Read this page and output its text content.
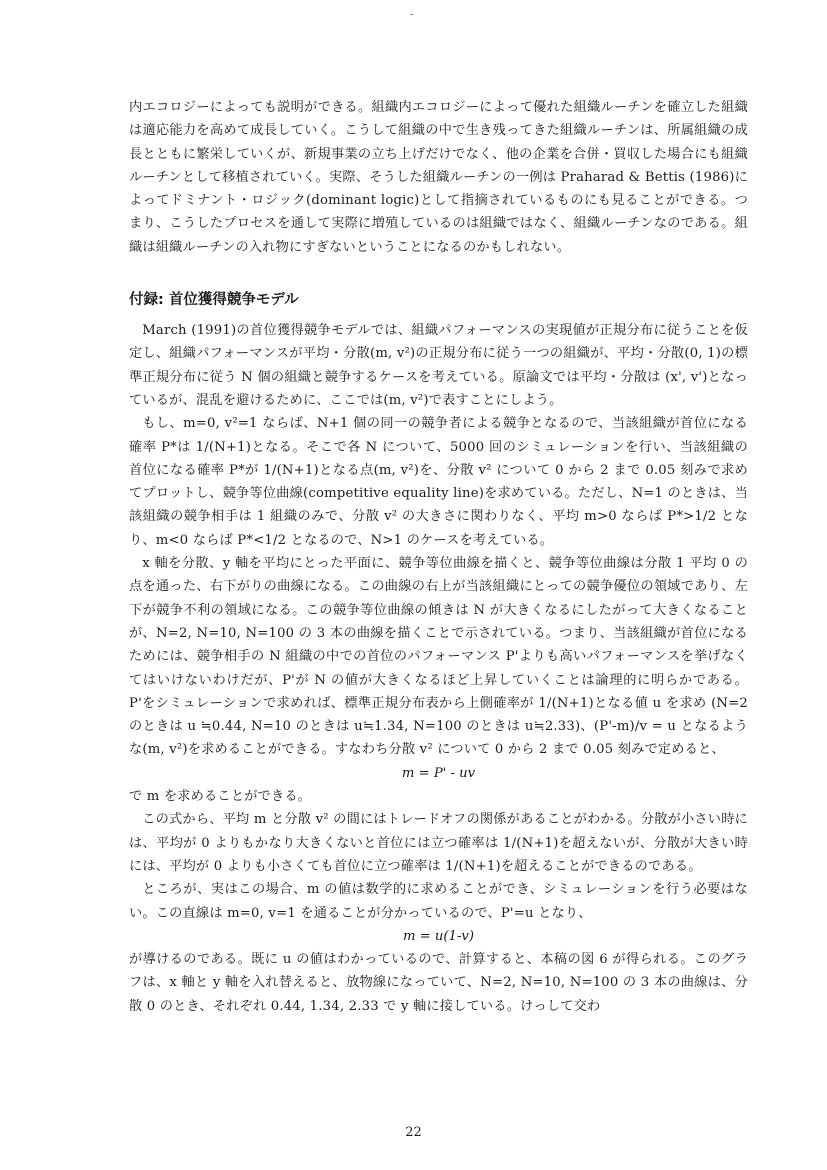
内エコロジーによっても説明ができる。組織内エコロジーによって優れた組織ルーチンを確立した組織は適応能力を高めて成長していく。こうして組織の中で生き残ってきた組織ルーチンは、所属組織の成長とともに繁栄していくが、新規事業の立ち上げだけでなく、他の企業を合併・買収した場合にも組織ルーチンとして移植されていく。実際、そうした組織ルーチンの一例は Praharad & Bettis (1986)によってドミナント・ロジック(dominant logic)として指摘されているものにも見ることができる。つまり、こうしたプロセスを通して実際に増殖しているのは組織ではなく、組織ルーチンなのである。組織は組織ルーチンの入れ物にすぎないということになるのかもしれない。

付録: 首位獲得競争モデル

March (1991)の首位獲得競争モデルでは、組織パフォーマンスの実現値が正規分布に従うことを仮定し、組織パフォーマンスが平均・分散(m, v²)の正規分布に従う一つの組織が、平均・分散(0, 1)の標準正規分布に従う N 個の組織と競争するケースを考えている。原論文では平均・分散は (x', v')となっているが、混乱を避けるために、ここでは(m, v²)で表すことにしよう。

もし、m=0, v²=1 ならば、N+1 個の同一の競争者による競争となるので、当該組織が首位になる確率 P*は 1/(N+1)となる。そこで各 N について、5000 回のシミュレーションを行い、当該組織の首位になる確率 P*が 1/(N+1)となる点(m, v²)を、分散 v² について 0 から 2 まで 0.05 刻みで求めてプロットし、競争等位曲線(competitive equality line)を求めている。ただし、N=1 のときは、当該組織の競争相手は 1 組織のみで、分散 v² の大きさに関わりなく、平均 m>0 ならば P*>1/2 となり、m<0 ならば P*<1/2 となるので、N>1 のケースを考えている。

x 軸を分散、y 軸を平均にとった平面に、競争等位曲線を描くと、競争等位曲線は分散 1 平均 0 の点を通った、右下がりの曲線になる。この曲線の右上が当該組織にとっての競争優位の領域であり、左下が競争不利の領域になる。この競争等位曲線の傾きは N が大きくなるにしたがって大きくなることが、N=2, N=10, N=100 の 3 本の曲線を描くことで示されている。つまり、当該組織が首位になるためには、競争相手の N 組織の中での首位のパフォーマンス P'よりも高いパフォーマンスを挙げなくてはいけないわけだが、P'が N の値が大きくなるほど上昇していくことは論理的に明らかである。P'をシミュレーションで求めれば、標準正規分布表から上側確率が 1/(N+1)となる値 u を求め (N=2 のときは u ≒0.44, N=10 のときは u≒1.34, N=100 のときは u≒2.33)、(P'-m)/v = u となるような(m, v²)を求めることができる。すなわち分散 v² について 0 から 2 まで 0.05 刻みで定めると、

m = P' - uv

で m を求めることができる。

この式から、平均 m と分散 v² の間にはトレードオフの関係があることがわかる。分散が小さい時には、平均が 0 よりもかなり大きくないと首位には立つ確率は 1/(N+1)を超えないが、分散が大きい時には、平均が 0 よりも小さくても首位に立つ確率は 1/(N+1)を超えることができるのである。

ところが、実はこの場合、m の値は数学的に求めることができ、シミュレーションを行う必要はない。この直線は m=0, v=1 を通ることが分かっているので、P'=u となり、

m = u(1-v)

が導けるのである。既に u の値はわかっているので、計算すると、本稿の図 6 が得られる。このグラフは、x 軸と y 軸を入れ替えると、放物線になっていて、N=2, N=10, N=100 の 3 本の曲線は、分散 0 のとき、それぞれ 0.44, 1.34, 2.33 で y 軸に接している。けっして交わ

22
